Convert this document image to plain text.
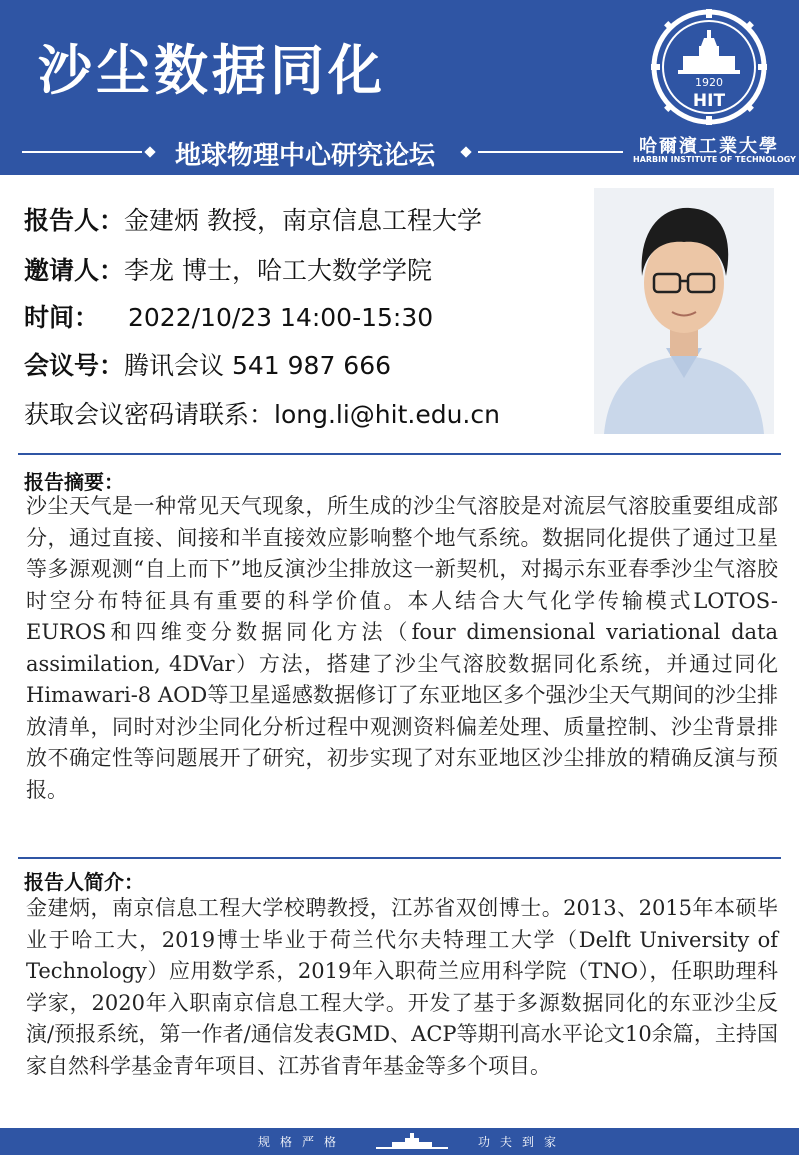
沙尘数据同化
地球物理中心研究论坛
1920
HIT
哈爾濱工業大學
HARBIN INSTITUTE OF TECHNOLOGY
报告人：金建炳 教授，南京信息工程大学
邀请人：李龙 博士，哈工大数学学院
时间： 2022/10/23 14:00-15:30
会议号：腾讯会议 541 987 666
获取会议密码请联系：long.li@hit.edu.cn
报告摘要：
沙尘天气是一种常见天气现象，所生成的沙尘气溶胶是对流层气溶胶重要组成部分，通过直接、间接和半直接效应影响整个地气系统。数据同化提供了通过卫星等多源观测“自上而下”地反演沙尘排放这一新契机，对揭示东亚春季沙尘气溶胶时空分布特征具有重要的科学价值。本人结合大气化学传输模式LOTOS-EUROS和四维变分数据同化方法（four dimensional variational data assimilation, 4DVar）方法，搭建了沙尘气溶胶数据同化系统，并通过同化Himawari-8 AOD等卫星遥感数据修订了东亚地区多个强沙尘天气期间的沙尘排放清单，同时对沙尘同化分析过程中观测资料偏差处理、质量控制、沙尘背景排放不确定性等问题展开了研究，初步实现了对东亚地区沙尘排放的精确反演与预报。
报告人简介：
金建炳，南京信息工程大学校聘教授，江苏省双创博士。2013、2015年本硕毕业于哈工大，2019博士毕业于荷兰代尔夫特理工大学（Delft University of Technology）应用数学系，2019年入职荷兰应用科学院（TNO），任职助理科学家，2020年入职南京信息工程大学。开发了基于多源数据同化的东亚沙尘反演/预报系统，第一作者/通信发表GMD、ACP等期刊高水平论文10余篇，主持国家自然科学基金青年项目、江苏省青年基金等多个项目。
规格严格	功夫到家
